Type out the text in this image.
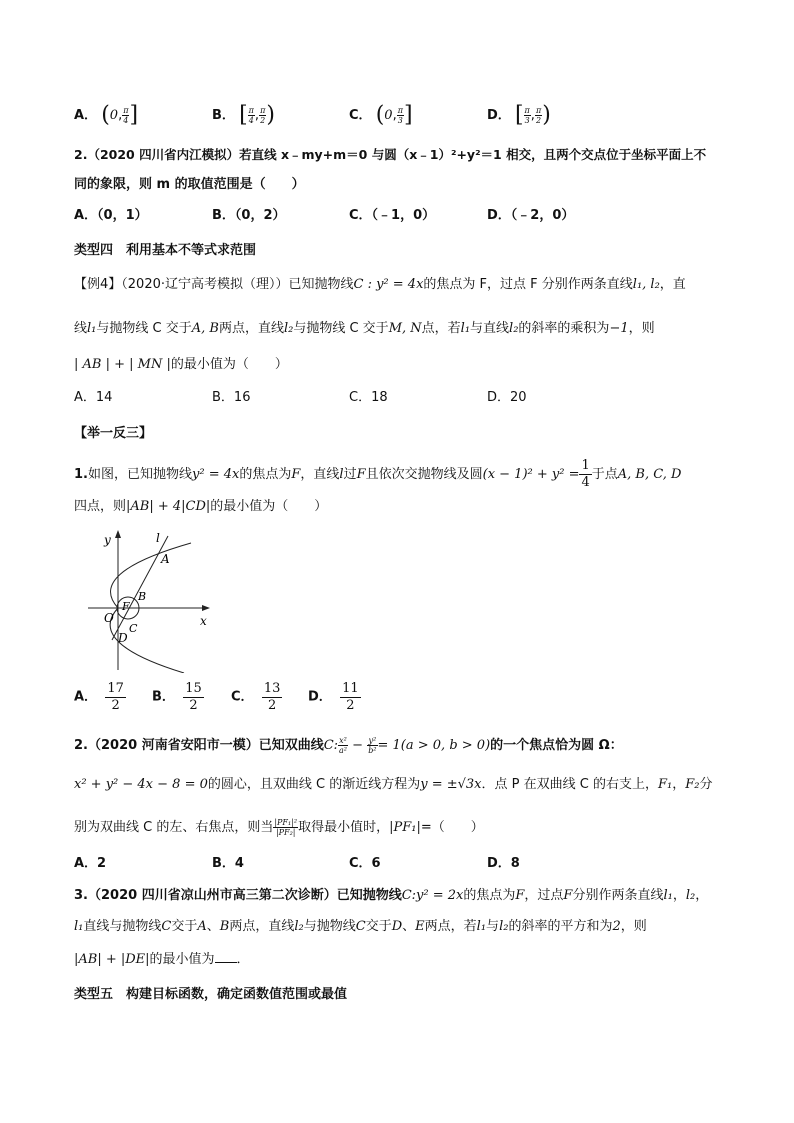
A． (0, $\frac{\pi}{4}$ ]	B． [ $\frac{\pi}{4}$ , $\frac{\pi}{2}$ )	C． (0, $\frac{\pi}{3}$ ]	D． [ $\frac{\pi}{3}$ , $\frac{\pi}{2}$ )
2.（2020 四川省内江模拟）若直线 x﹣my+m＝0 与圆（x﹣1）²+y²＝1 相交，且两个交点位于坐标平面上不
同的象限，则 m 的取值范围是（　　）
A．（0，1）	B．（0，2）	C．（﹣1，0）	D．（﹣2，0）
类型四　利用基本不等式求范围
【例4】（2020·辽宁高考模拟（理））已知抛物线C : y² = 4x的焦点为 F，过点 F 分别作两条直线l₁, l₂，直
线l₁与抛物线 C 交于A, B两点，直线l₂与抛物线 C 交于M, N点，若l₁与直线l₂的斜率的乘积为−1，则
| AB | + | MN |的最小值为（　　）
A．14	B．16	C．18	D．20
【举一反三】
1.如图，已知抛物线y² = 4x的焦点为F，直线l过F且依次交抛物线及圆$(x - 1)^2 + y^2 = \frac{1}{4}$ 于点A, B, C, D
四点，则|AB| + 4|CD|的最小值为（　　）
y	l
A
B
F
O
C
D
x
A． $\frac{17}{2}$ B． $\frac{15}{2}$ C． $\frac{13}{2}$ D． $\frac{11}{2}$
2.（2020 河南省安阳市一模）已知双曲线C: $\frac{\text{x²}}{\text{a²}} - \frac{\text{y²}}{\text{b²}} = 1(a > 0$, b > 0)的一个焦点恰为圆 Ω：
x² + y² − 4x − 8 = 0的圆心，且双曲线 C 的渐近线方程为y = ±√3x．点 P 在双曲线 C 的右支上，F₁，F₂分
别为双曲线 C 的左、右焦点，则当 $\frac{\text{|PF₁|²}}{\text{|PF₂|}}$ 取得最小值时，|PF₁|=（　　）
A．2	B．4	C．6	D．8
3.（2020 四川省凉山州市高三第二次诊断）已知抛物线C:y² = 2x的焦点为F，过点F分别作两条直线l₁，l₂，
l₁直线与抛物线C交于A、B两点，直线l₂与抛物线C交于D、E两点，若l₁与l₂的斜率的平方和为2，则
|AB| + |DE|的最小值为 ．
类型五　构建目标函数，确定函数值范围或最值
